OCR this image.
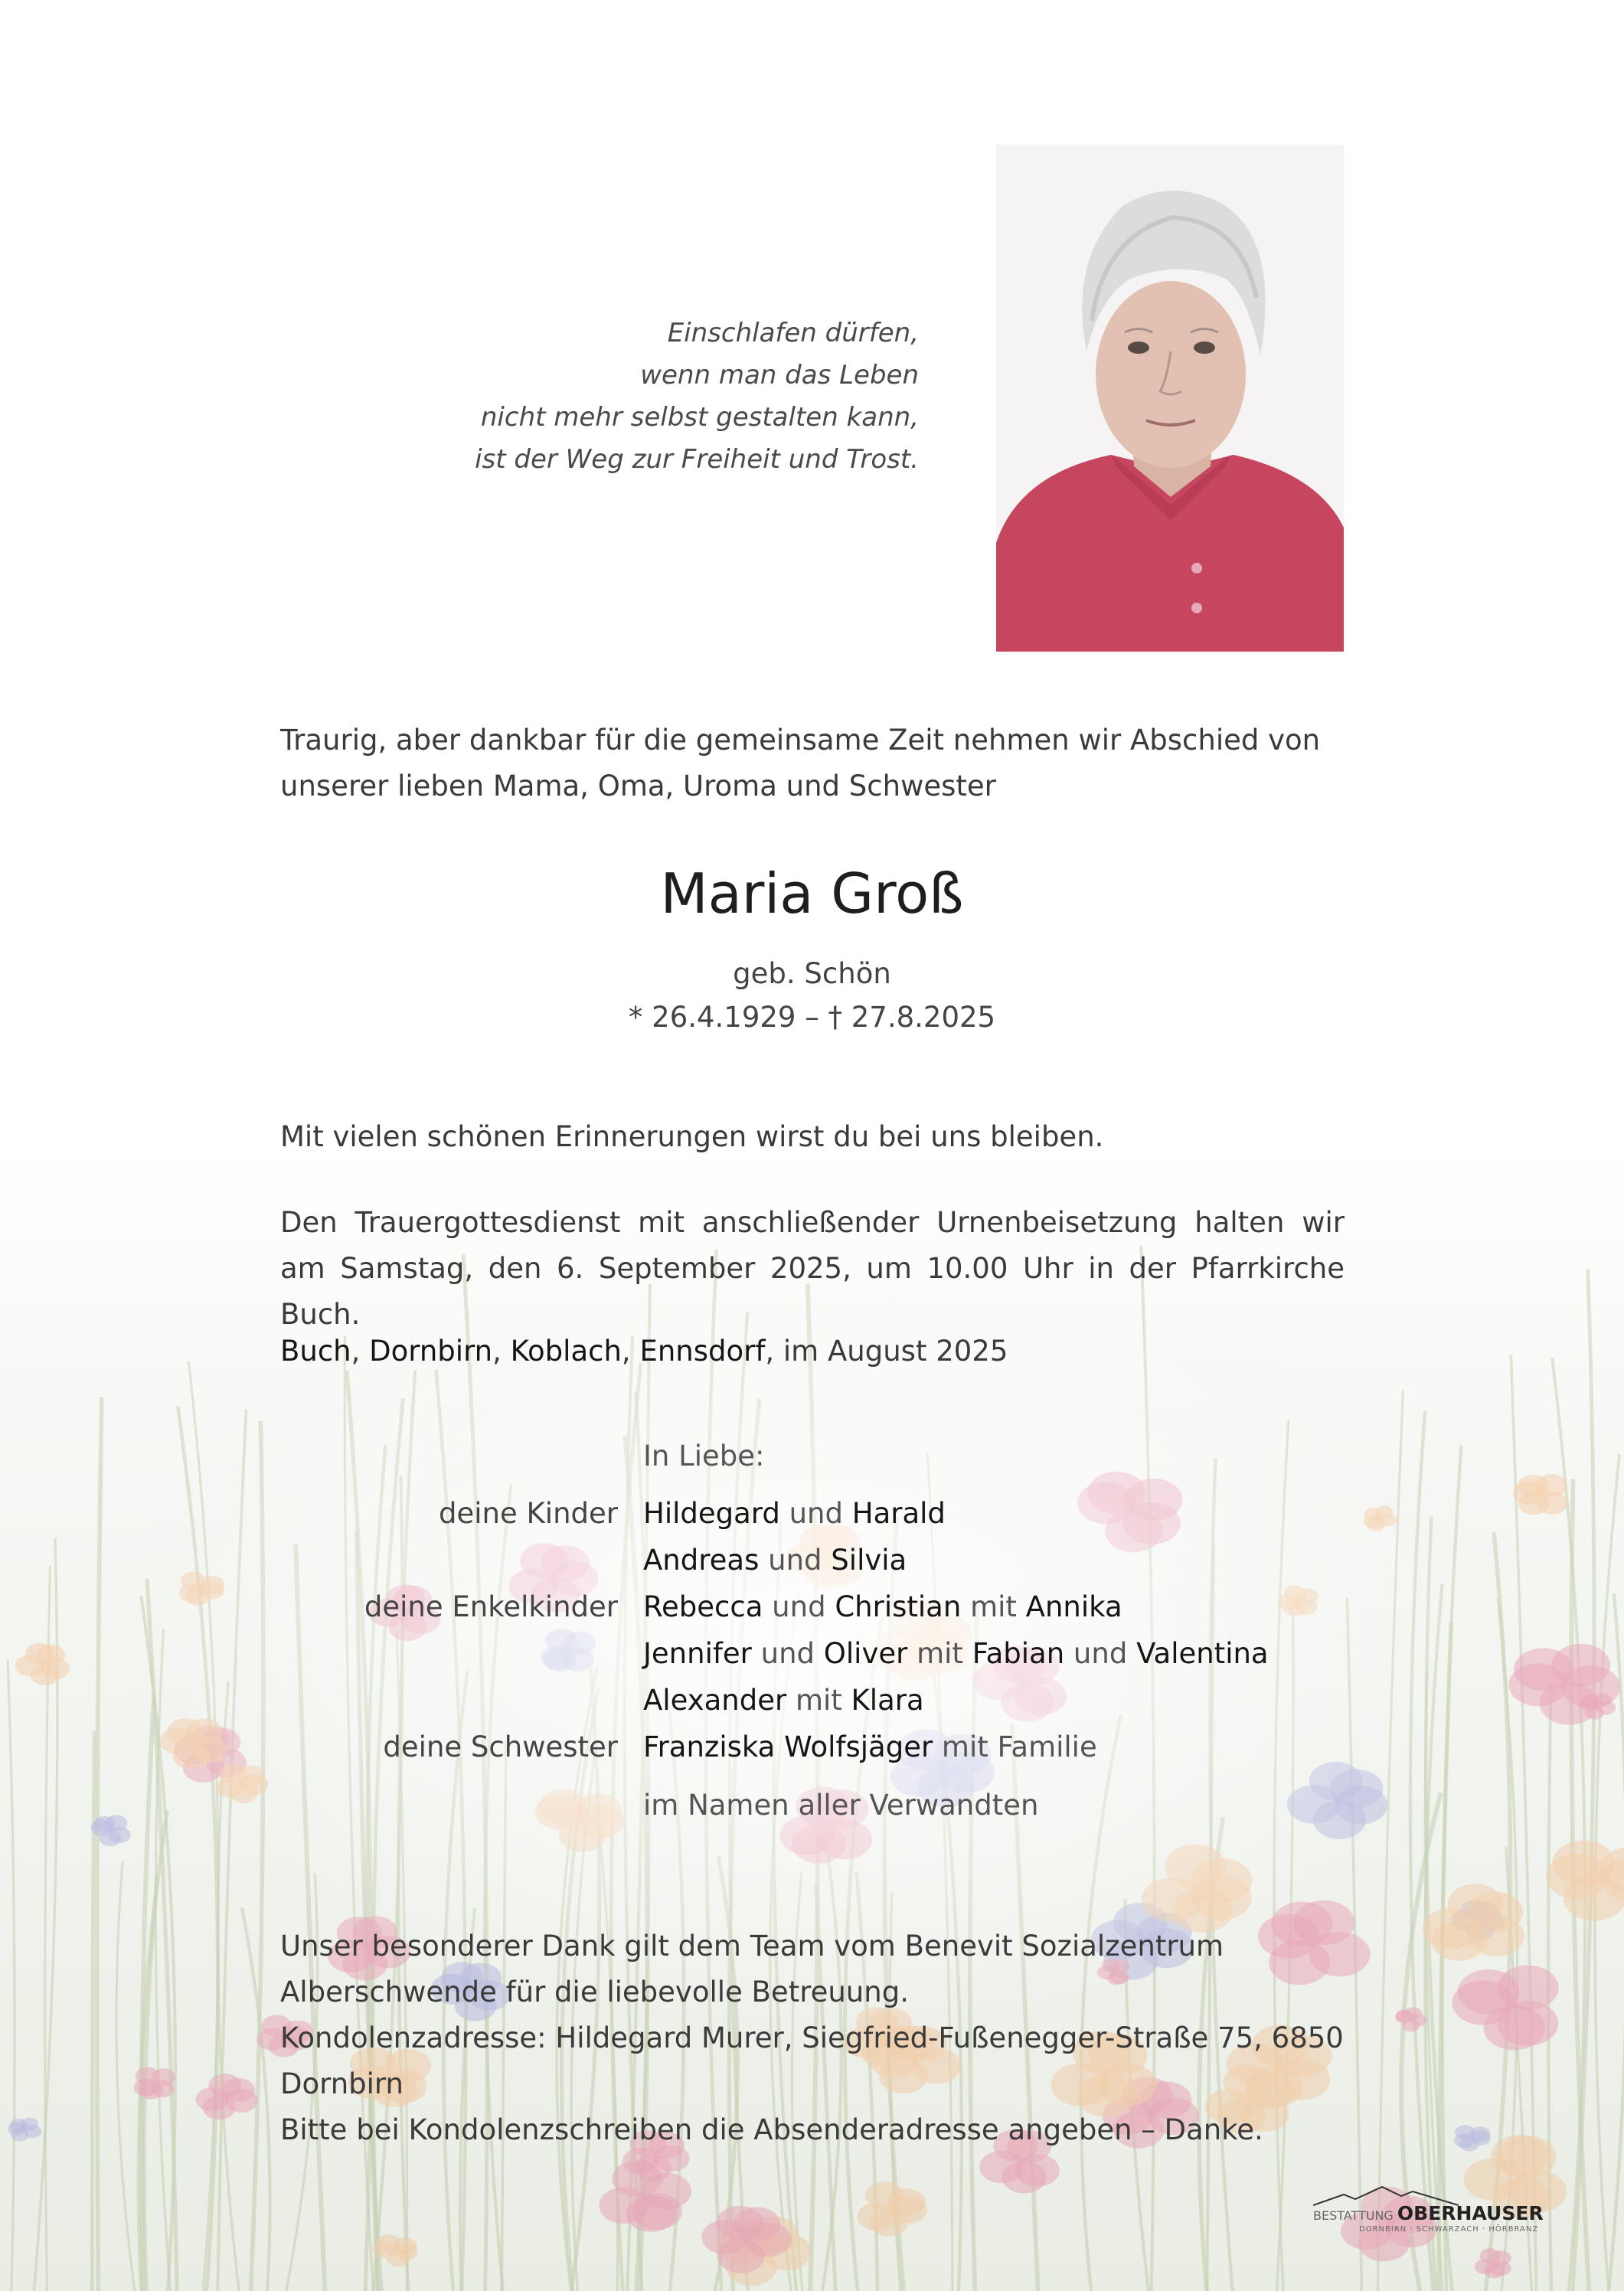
Einschlafen dürfen,
wenn man das Leben
nicht mehr selbst gestalten kann,
ist der Weg zur Freiheit und Trost.
Traurig, aber dankbar für die gemeinsame Zeit nehmen wir Abschied von unserer lieben Mama, Oma, Uroma und Schwester
Maria Groß
geb. Schön
* 26.4.1929 – † 27.8.2025
Mit vielen schönen Erinnerungen wirst du bei uns bleiben.
Den Trauergottesdienst mit anschließender Urnenbeisetzung halten wir am Samstag, den 6. September 2025, um 10.00 Uhr in der Pfarrkirche Buch.
Buch, Dornbirn, Koblach, Ennsdorf, im August 2025
In Liebe:
deine Kinder Hildegard und Harald
Andreas und Silvia
deine Enkelkinder Rebecca und Christian mit Annika
Jennifer und Oliver mit Fabian und Valentina
Alexander mit Klara
deine Schwester Franziska Wolfsjäger mit Familie
im Namen aller Verwandten
Unser besonderer Dank gilt dem Team vom Benevit Sozialzentrum Alberschwende für die liebevolle Betreuung.
Kondolenzadresse: Hildegard Murer, Siegfried-Fußenegger-Straße 75, 6850 Dornbirn
Bitte bei Kondolenzschreiben die Absenderadresse angeben – Danke.
BESTATTUNG OBERHAUSER
DORNBIRN · SCHWARZACH · HÖRBRANZ
